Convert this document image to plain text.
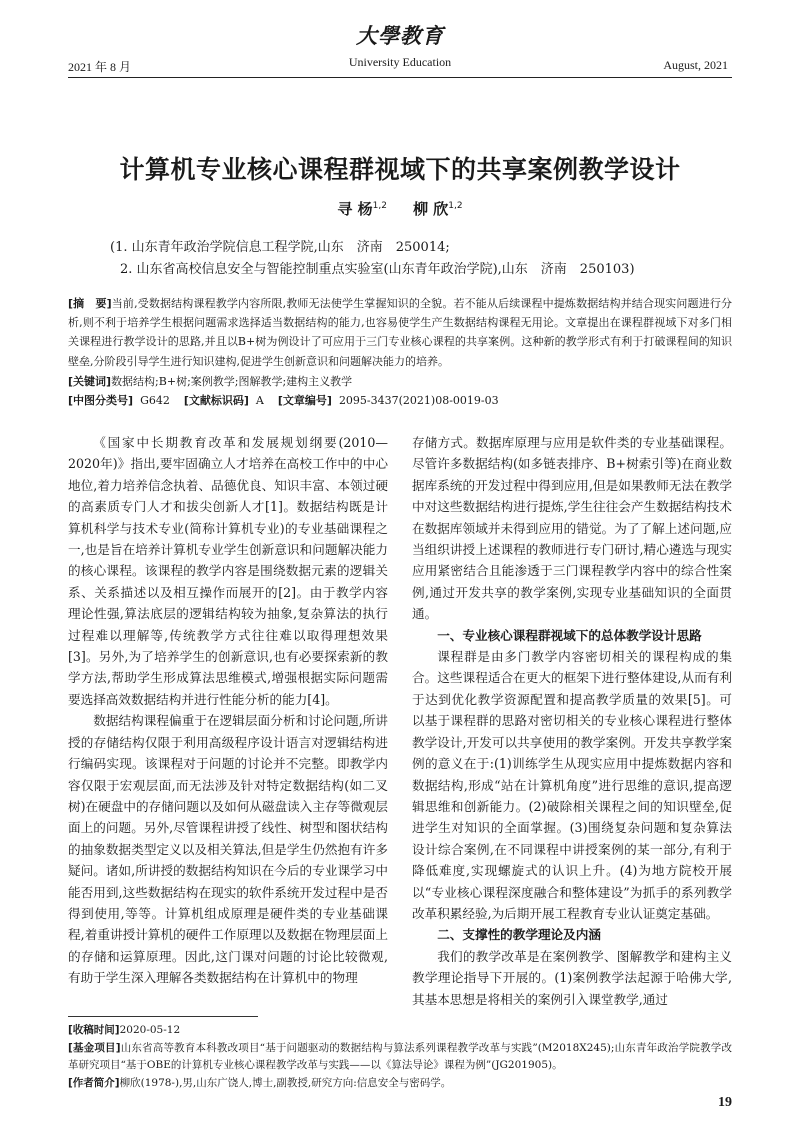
大學教育
University Education
2021 年 8 月	August, 2021
计算机专业核心课程群视域下的共享案例教学设计
寻 杨$^{1,2}$ 柳 欣$^{1,2}$
(1. 山东青年政治学院信息工程学院,山东　济南　250014;
2. 山东省高校信息安全与智能控制重点实验室(山东青年政治学院),山东　济南　250103)
[摘　要]当前,受数据结构课程教学内容所限,教师无法使学生掌握知识的全貌。若不能从后续课程中提炼数据结构并结合现实问题进行分析,则不利于培养学生根据问题需求选择适当数据结构的能力,也容易使学生产生数据结构课程无用论。文章提出在课程群视域下对多门相关课程进行教学设计的思路,并且以B+树为例设计了可应用于三门专业核心课程的共享案例。这种新的教学形式有利于打破课程间的知识壁垒,分阶段引导学生进行知识建构,促进学生创新意识和问题解决能力的培养。
[关键词]数据结构;B+树;案例教学;图解教学;建构主义教学
[中图分类号] G642 [文献标识码] A [文章编号] 2095-3437(2021)08-0019-03

《国家中长期教育改革和发展规划纲要(2010—2020年)》指出,要牢固确立人才培养在高校工作中的中心地位,着力培养信念执着、品德优良、知识丰富、本领过硬的高素质专门人才和拔尖创新人才[1]。数据结构既是计算机科学与技术专业(简称计算机专业)的专业基础课程之一,也是旨在培养计算机专业学生创新意识和问题解决能力的核心课程。该课程的教学内容是围绕数据元素的逻辑关系、关系描述以及相互操作而展开的[2]。由于教学内容理论性强,算法底层的逻辑结构较为抽象,复杂算法的执行过程难以理解等,传统教学方式往往难以取得理想效果[3]。另外,为了培养学生的创新意识,也有必要探索新的教学方法,帮助学生形成算法思维模式,增强根据实际问题需要选择高效数据结构并进行性能分析的能力[4]。

数据结构课程偏重于在逻辑层面分析和讨论问题,所讲授的存储结构仅限于利用高级程序设计语言对逻辑结构进行编码实现。该课程对于问题的讨论并不完整。即教学内容仅限于宏观层面,而无法涉及针对特定数据结构(如二叉树)在硬盘中的存储问题以及如何从磁盘读入主存等微观层面上的问题。另外,尽管课程讲授了线性、树型和图状结构的抽象数据类型定义以及相关算法,但是学生仍然抱有许多疑问。诸如,所讲授的数据结构知识在今后的专业课学习中能否用到,这些数据结构在现实的软件系统开发过程中是否得到使用,等等。计算机组成原理是硬件类的专业基础课程,着重讲授计算机的硬件工作原理以及数据在物理层面上的存储和运算原理。因此,这门课对问题的讨论比较微观,有助于学生深入理解各类数据结构在计算机中的物理

存储方式。数据库原理与应用是软件类的专业基础课程。尽管许多数据结构(如多链表排序、B+树索引等)在商业数据库系统的开发过程中得到应用,但是如果教师无法在教学中对这些数据结构进行提炼,学生往往会产生数据结构技术在数据库领域并未得到应用的错觉。为了了解上述问题,应当组织讲授上述课程的教师进行专门研讨,精心遴选与现实应用紧密结合且能渗透于三门课程教学内容中的综合性案例,通过开发共享的教学案例,实现专业基础知识的全面贯通。

一、专业核心课程群视域下的总体教学设计思路

课程群是由多门教学内容密切相关的课程构成的集合。这些课程适合在更大的框架下进行整体建设,从而有利于达到优化教学资源配置和提高教学质量的效果[5]。可以基于课程群的思路对密切相关的专业核心课程进行整体教学设计,开发可以共享使用的教学案例。开发共享教学案例的意义在于:(1)训练学生从现实应用中提炼数据内容和数据结构,形成“站在计算机角度”进行思维的意识,提高逻辑思维和创新能力。(2)破除相关课程之间的知识壁垒,促进学生对知识的全面掌握。(3)围绕复杂问题和复杂算法设计综合案例,在不同课程中讲授案例的某一部分,有利于降低难度,实现螺旋式的认识上升。(4)为地方院校开展以“专业核心课程深度融合和整体建设”为抓手的系列教学改革积累经验,为后期开展工程教育专业认证奠定基础。

二、支撑性的教学理论及内涵

我们的教学改革是在案例教学、图解教学和建构主义教学理论指导下开展的。(1)案例教学法起源于哈佛大学,其基本思想是将相关的案例引入课堂教学,通过

[收稿时间]2020-05-12
[基金项目]山东省高等教育本科教改项目“基于问题驱动的数据结构与算法系列课程教学改革与实践”(M2018X245);山东青年政治学院教学改革研究项目“基于OBE的计算机专业核心课程教学改革与实践——以《算法导论》课程为例”(JG201905)。
[作者简介]柳欣(1978-),男,山东广饶人,博士,副教授,研究方向:信息安全与密码学。
19
